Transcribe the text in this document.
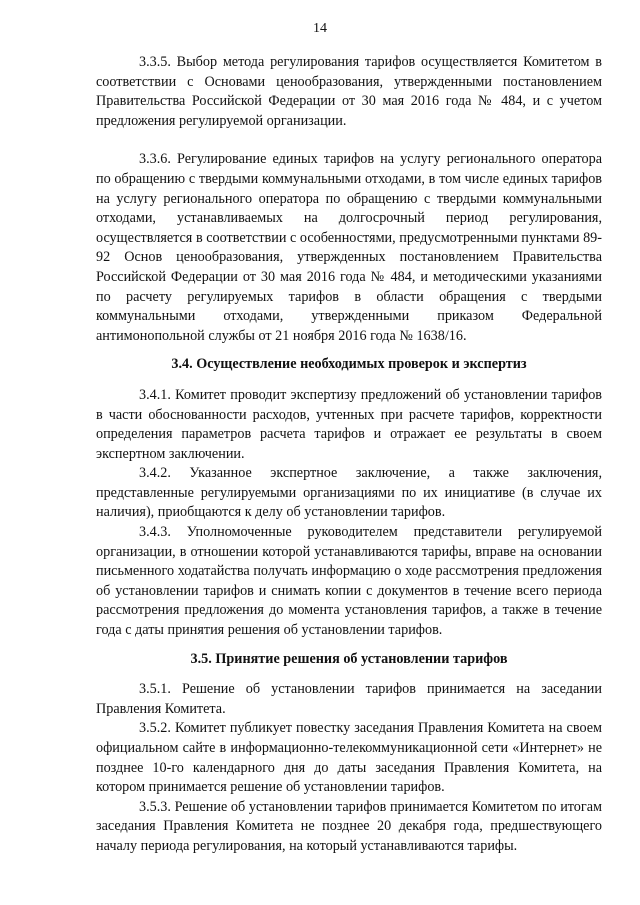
14

3.3.5. Выбор метода регулирования тарифов осуществляется Комитетом в соответствии с Основами ценообразования, утвержденными постановлением Правительства Российской Федерации от 30 мая 2016 года № 484, и с учетом предложения регулируемой организации.

3.3.6. Регулирование единых тарифов на услугу регионального оператора по обращению с твердыми коммунальными отходами, в том числе единых тарифов на услугу регионального оператора по обращению с твердыми коммунальными отходами, устанавливаемых на долгосрочный период регулирования, осуществляется в соответствии с особенностями, предусмотренными пунктами 89-92 Основ ценообразования, утвержденных постановлением Правительства Российской Федерации от 30 мая 2016 года № 484, и методическими указаниями по расчету регулируемых тарифов в области обращения с твердыми коммунальными отходами, утвержденными приказом Федеральной антимонопольной службы от 21 ноября 2016 года № 1638/16.

3.4. Осуществление необходимых проверок и экспертиз

3.4.1. Комитет проводит экспертизу предложений об установлении тарифов в части обоснованности расходов, учтенных при расчете тарифов, корректности определения параметров расчета тарифов и отражает ее результаты в своем экспертном заключении.

3.4.2. Указанное экспертное заключение, а также заключения, представленные регулируемыми организациями по их инициативе (в случае их наличия), приобщаются к делу об установлении тарифов.

3.4.3. Уполномоченные руководителем представители регулируемой организации, в отношении которой устанавливаются тарифы, вправе на основании письменного ходатайства получать информацию о ходе рассмотрения предложения об установлении тарифов и снимать копии с документов в течение всего периода рассмотрения предложения до момента установления тарифов, а также в течение года с даты принятия решения об установлении тарифов.

3.5. Принятие решения об установлении тарифов

3.5.1. Решение об установлении тарифов принимается на заседании Правления Комитета.

3.5.2. Комитет публикует повестку заседания Правления Комитета на своем официальном сайте в информационно-телекоммуникационной сети «Интернет» не позднее 10-го календарного дня до даты заседания Правления Комитета, на котором принимается решение об установлении тарифов.

3.5.3. Решение об установлении тарифов принимается Комитетом по итогам заседания Правления Комитета не позднее 20 декабря года, предшествующего началу периода регулирования, на который устанавливаются тарифы.
